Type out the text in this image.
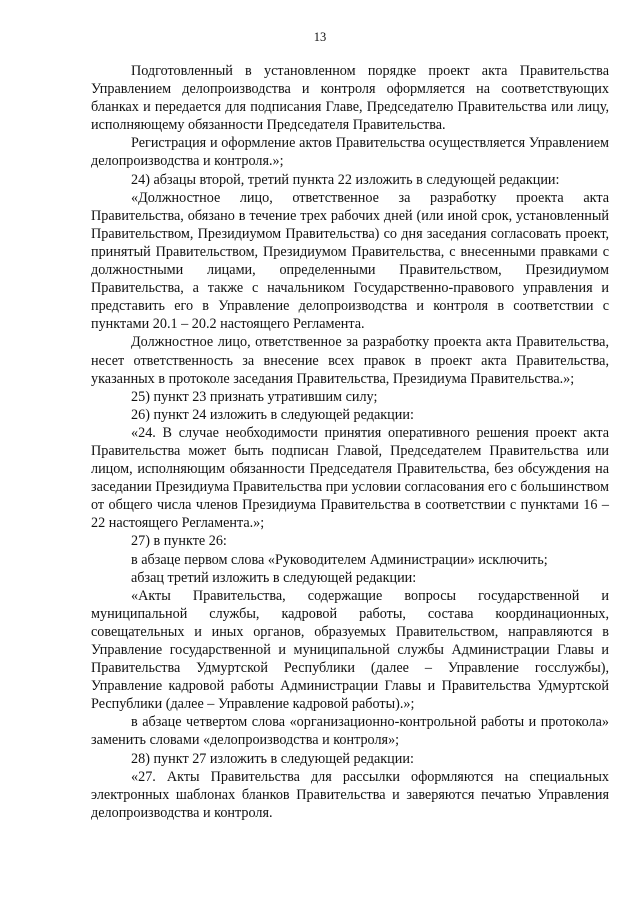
13

Подготовленный в установленном порядке проект акта Правительства Управлением делопроизводства и контроля оформляется на соответствующих бланках и передается для подписания Главе, Председателю Правительства или лицу, исполняющему обязанности Председателя Правительства.

Регистрация и оформление актов Правительства осуществляется Управлением делопроизводства и контроля.»;

24) абзацы второй, третий пункта 22 изложить в следующей редакции:

«Должностное лицо, ответственное за разработку проекта акта Правительства, обязано в течение трех рабочих дней (или иной срок, установленный Правительством, Президиумом Правительства) со дня заседания согласовать проект, принятый Правительством, Президиумом Правительства, с внесенными правками с должностными лицами, определенными Правительством, Президиумом Правительства, а также с начальником Государственно-правового управления и представить его в Управление делопроизводства и контроля в соответствии с пунктами 20.1 – 20.2 настоящего Регламента.

Должностное лицо, ответственное за разработку проекта акта Правительства, несет ответственность за внесение всех правок в проект акта Правительства, указанных в протоколе заседания Правительства, Президиума Правительства.»;

25) пункт 23 признать утратившим силу;

26) пункт 24 изложить в следующей редакции:

«24. В случае необходимости принятия оперативного решения проект акта Правительства может быть подписан Главой, Председателем Правительства или лицом, исполняющим обязанности Председателя Правительства, без обсуждения на заседании Президиума Правительства при условии согласования его с большинством от общего числа членов Президиума Правительства в соответствии с пунктами 16 – 22 настоящего Регламента.»;

27) в пункте 26:

в абзаце первом слова «Руководителем Администрации» исключить;

абзац третий изложить в следующей редакции:

«Акты Правительства, содержащие вопросы государственной и муниципальной службы, кадровой работы, состава координационных, совещательных и иных органов, образуемых Правительством, направляются в Управление государственной и муниципальной службы Администрации Главы и Правительства Удмуртской Республики (далее – Управление госслужбы), Управление кадровой работы Администрации Главы и Правительства Удмуртской Республики (далее – Управление кадровой работы).»;

в абзаце четвертом слова «организационно-контрольной работы и протокола» заменить словами «делопроизводства и контроля»;

28) пункт 27 изложить в следующей редакции:

«27. Акты Правительства для рассылки оформляются на специальных электронных шаблонах бланков Правительства и заверяются печатью Управления делопроизводства и контроля.
